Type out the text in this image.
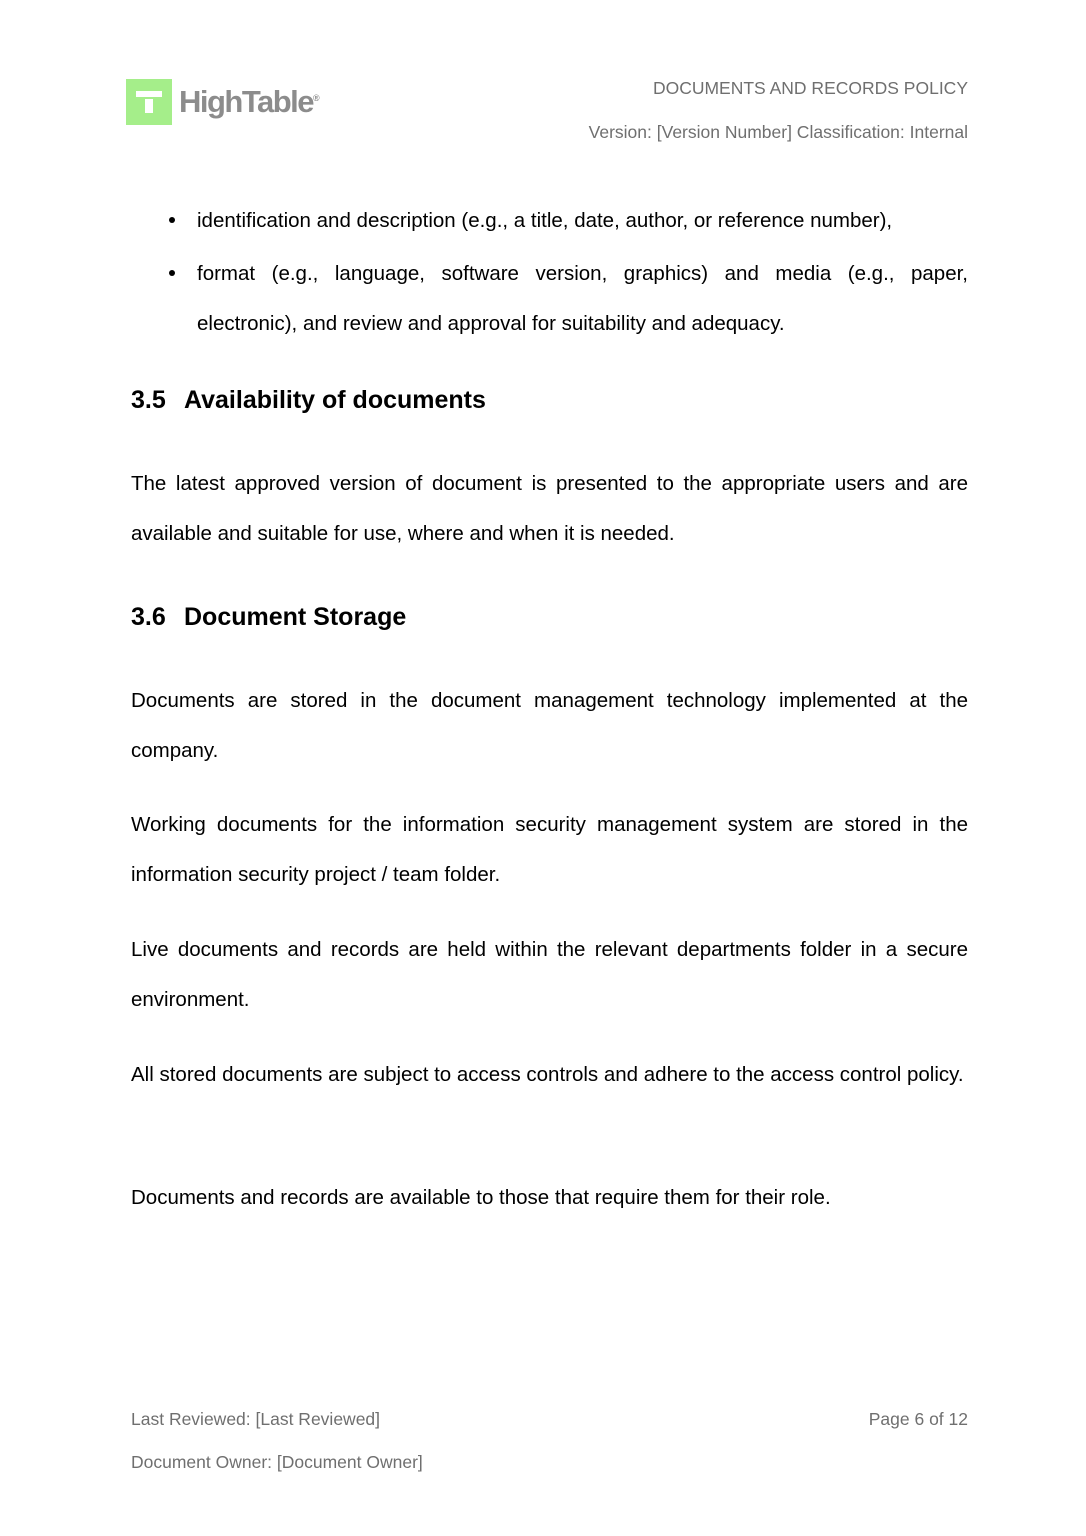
HighTable®	DOCUMENTS AND RECORDS POLICY
Version: [Version Number] Classification: Internal
identification and description (e.g., a title, date, author, or reference number),
format (e.g., language, software version, graphics) and media (e.g., paper, electronic), and review and approval for suitability and adequacy.
3.5 Availability of documents

The latest approved version of document is presented to the appropriate users and are available and suitable for use, where and when it is needed.

3.6 Document Storage

Documents are stored in the document management technology implemented at the company.

Working documents for the information security management system are stored in the information security project / team folder.

Live documents and records are held within the relevant departments folder in a secure environment.

All stored documents are subject to access controls and adhere to the access control policy.

Documents and records are available to those that require them for their role.

Last Reviewed: [Last Reviewed]	Page 6 of 12
Document Owner: [Document Owner]
